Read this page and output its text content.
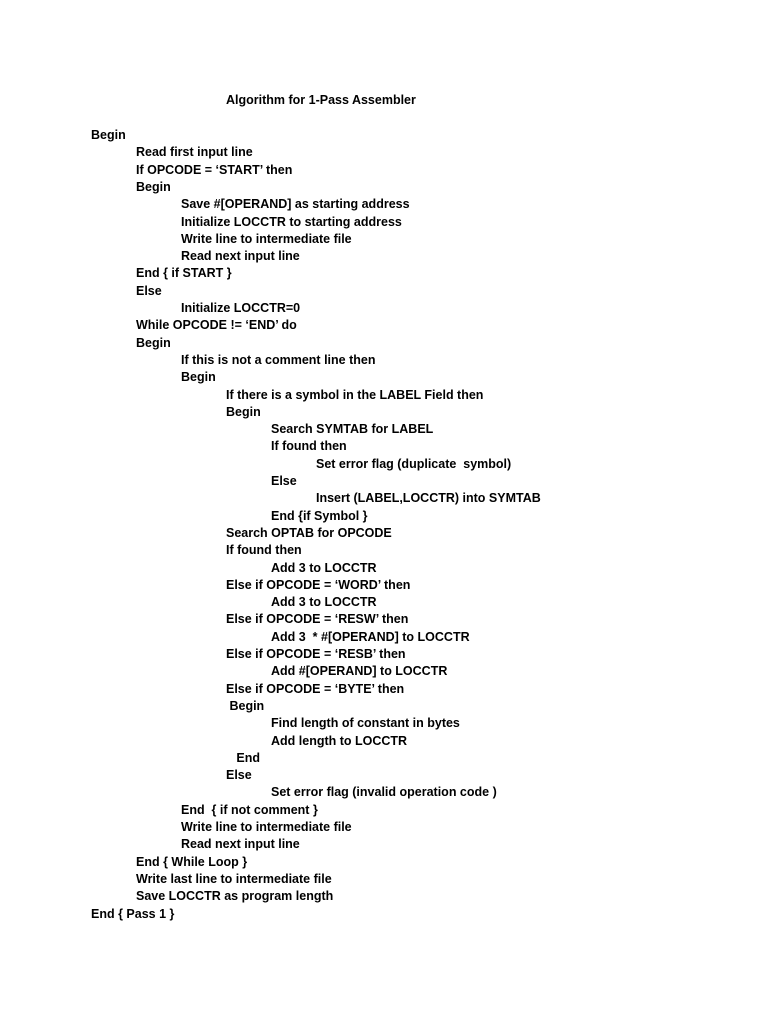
Algorithm for 1-Pass Assembler
Begin
Read first input line
If OPCODE = ‘START’ then
Begin
Save #[OPERAND] as starting address
Initialize LOCCTR to starting address
Write line to intermediate file
Read next input line
End { if START }
Else
Initialize LOCCTR=0
While OPCODE != ‘END’ do
Begin
If this is not a comment line then
Begin
If there is a symbol in the LABEL Field then
Begin
Search SYMTAB for LABEL
If found then
Set error flag (duplicate  symbol)
Else
Insert (LABEL,LOCCTR) into SYMTAB
End {if Symbol }
Search OPTAB for OPCODE
If found then
Add 3 to LOCCTR
Else if OPCODE = ‘WORD’ then
Add 3 to LOCCTR
Else if OPCODE = ‘RESW’ then
Add 3  * #[OPERAND] to LOCCTR
Else if OPCODE = ‘RESB’ then
Add #[OPERAND] to LOCCTR
Else if OPCODE = ‘BYTE’ then
Begin
Find length of constant in bytes
Add length to LOCCTR
End
Else
Set error flag (invalid operation code )
End  { if not comment }
Write line to intermediate file
Read next input line
End { While Loop }
Write last line to intermediate file
Save LOCCTR as program length
End { Pass 1 }
